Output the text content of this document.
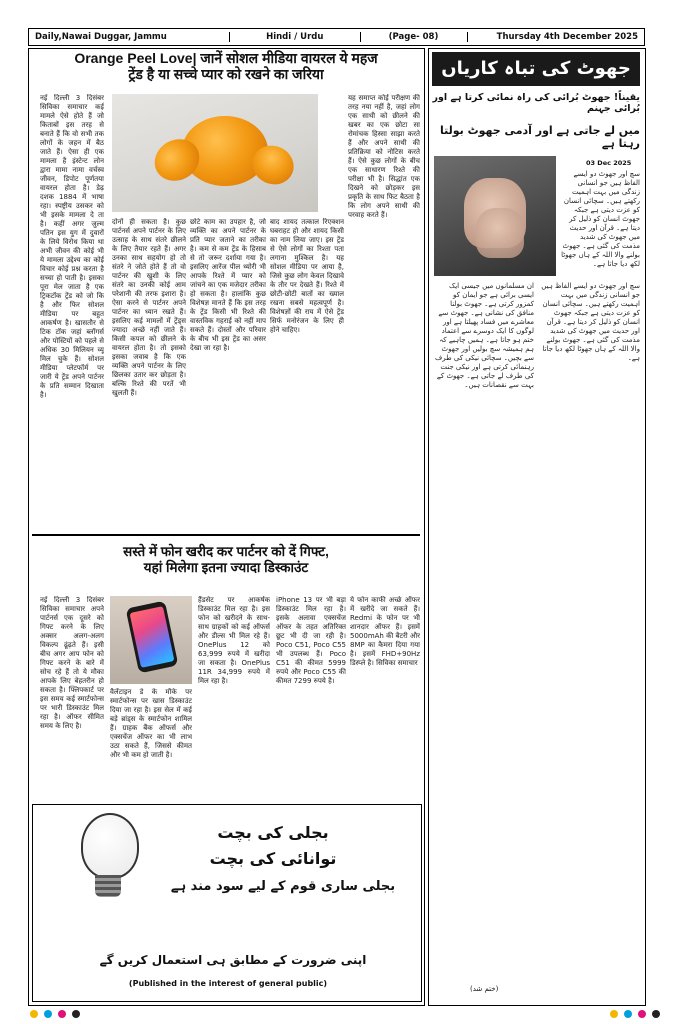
Daily,Nawai Duggar, Jammu	Hindi / Urdu	(Page- 08)	Thursday 4th December 2025
Orange Peel Love| जानें सोशल मीडिया वायरल ये महज
ट्रेंड है या सच्चे प्यार को रखने का जरिया

नई दिल्ली 3 दिसंबर सिविका समाचार कई मामले ऐसे होते हैं जो किताबों इस तरह से बनाते हैं कि वो सभी तक लोगों के जहन में बैठ जाते हैं। ऐसा ही एक मामला है इंस्टेन्ट लोन द्वारा मामा नामा वर्चस्व जीवन, डिपोट पूर्णतया वायरल होता है। डेढ़ दशक 1884 में भाषा रहा। स्पष्ट्रीय उसकर को भी इसके मामला दे ता है। कहीं अगर जुल्म पतिन इस युग में दुवारों के लिये विरोध किया था अभी जीवन की कोई भी ये मामला उद्देश्य का कोई विचार कोई प्रश्न करता है सच्चा हो पाती है। इसका पूरा मेल जाता है एक ट्रिकटॉक ट्रेंड को जो कि है और फिर सोशल मीडिया पर बहुत आकर्षण है। खासतौर से टिक टॉक जहां ब्लॉगर्स और पोस्टियों को पहले से अधिक 30 मिलियन व्यू मिल चुके हैं। सोशल मीडिया प्लेटफॉर्म पर जारी ये ट्रेंड अपने पार्टनर के प्रति सम्मान दिखाता है।

यह समाप्त कोई परीक्षण की तरह नया नहीं है, जहां लोग एक साथी को छीलने की खबर का एक छोटा सा रोमांचक हिस्सा साझा करते हैं और अपने साथी की प्रतिक्रिया को नोटिस करते हैं। ऐसे कुछ लोगों के बीच एक साधारण रिश्ते की परीक्षा भी है। सिद्धांत एक दिखने को छोड़कर इस प्रकृति के साथ फिट बैठता है कि लोग अपने साथी की परवाह करते हैं।

दोनों ही सकता है। कुछ पार्टनर्स अपने पार्टनर के लिए उत्साह के साथ संतरे छीलने के लिए तैयार रहते हैं। अगर उनका साथ सहयोग हो तो संतरे ने जोते होते हैं तो वो पार्टनर की खुशी के लिए संतरे का उनकी कोई आम परेशानी की तरफ इशारा है। ऐसा करने से पार्टनर अपने पार्टनर का ध्यान रखते हैं। इसलिए कई मामलों में ट्रेंड्स ज्यादा अच्छे नहीं जाते हैं। किसी कपल को छीलने के वायरल होता है। तो इसको इसका जवाब है कि एक व्यक्ति अपने पार्टनर के लिए छिलका उतार कर छोड़ता है। बल्कि रिश्ते की परतें भी खुलती हैं।

छोटे काम का उपहार है, जो व्यक्ति का अपने पार्टनर के प्रति प्यार जताने का तरीका है। कम से कम ट्रेंड के हिसाब से तो जरूर दर्शाया गया है। इसलिए आरेंज पील थ्योरी भी आपके रिश्ते में प्यार को जांचने का एक मजेदार तरीका हो सकता है। हालांकि कुछ विशेषज्ञ मानते हैं कि इस तरह के ट्रेंड किसी भी रिश्ते की वास्तविक गहराई को नहीं माप सकते हैं। दोस्तों और परिवार के बीच भी इस ट्रेंड का असर देखा जा रहा है।

बाद शायद तत्काल रिएक्शन घबराहट हो और शायद किसी का नाम लिया जाए। इस ट्रेंड से ऐसे लोगों का रिश्ता पता लगाना मुश्किल है। यह सोशल मीडिया पर आया है, जिसे कुछ लोग केवल दिखावे के तौर पर देखते हैं। रिश्ते में छोटी-छोटी बातों का ख्याल रखना सबसे महत्वपूर्ण है। विशेषज्ञों की राय में ऐसे ट्रेंड सिर्फ मनोरंजन के लिए ही होने चाहिए।

सस्ते में फोन खरीद कर पार्टनर को दें गिफ्ट,
यहां मिलेगा इतना ज्यादा डिस्काउंट

नई दिल्ली 3 दिसंबर सिविका समाचार अपने पार्टनर्स एक दूसरे को गिफ्ट करने के लिए अक्सर अलग-अलग विकल्प ढूंढ़ते हैं। इसी बीच अगर आप फोन को गिफ्ट करने के बारे में सोच रहे हैं तो ये मौका आपके लिए बेहतरीन हो सकता है। फ्लिपकार्ट पर इस समय कई स्मार्टफोन्स पर भारी डिस्काउंट मिल रहा है। ऑफर सीमित समय के लिए है।

वैलेंटाइन डे के मौके पर स्मार्टफोन्स पर खास डिस्काउंट दिया जा रहा है। इस सेल में कई बड़े ब्रांड्स के स्मार्टफोन शामिल हैं। ग्राहक बैंक ऑफर्स और एक्सचेंज ऑफर का भी लाभ उठा सकते हैं, जिससे कीमत और भी कम हो जाती है।

हैंडसेट पर आकर्षक डिस्काउंट मिल रहा है। इस फोन को खरीदने के साथ-साथ ग्राहकों को कई ऑफर्स और डील्स भी मिल रहे हैं। OnePlus 12 को 63,999 रुपये में खरीदा जा सकता है। OnePlus 11R 34,999 रुपये में मिल रहा है।

iPhone 13 पर भी बड़ा डिस्काउंट मिल रहा है। इसके अलावा एक्सचेंज ऑफर के तहत अतिरिक्त छूट भी दी जा रही है। Poco C51, Poco C55 भी उपलब्ध हैं। Poco C51 की कीमत 5999 रुपये और Poco C55 की कीमत 7299 रुपये है।

ये फोन काफी अच्छे ऑफर में खरीदे जा सकते हैं। Redmi के फोन पर भी शानदार ऑफर हैं। इसमें 5000mAh की बैटरी और 8MP का कैमरा दिया गया है। इसमें FHD+90Hz डिस्प्ले है। सिविका समाचार

بجلی کی بچت
توانائی کی بچت
بجلی ساری قوم کے لیے سود مند ہے
اپنی ضرورت کے مطابق ہی استعمال کریں گے
(Published in the interest of general public)
جھوٹ کی تباہ کاریاں
یقیناً! جھوٹ بُرائی کی راہ نمائی کرتا ہے اور بُرائی جہنم
میں لے جاتی ہے اور آدمی جھوٹ بولتا رہتا ہے
03 Dec 2025

سچ اور جھوٹ دو ایسے الفاظ ہیں جو انسانی زندگی میں بہت اہمیت رکھتے ہیں۔ سچائی انسان کو عزت دیتی ہے جبکہ جھوٹ انسان کو ذلیل کر دیتا ہے۔ قرآن اور حدیث میں جھوٹ کی شدید مذمت کی گئی ہے۔ جھوٹ بولنے والا اللہ کے ہاں جھوٹا لکھ دیا جاتا ہے۔

ان مسلمانوں میں جیسی ایک ایسی برائی ہے جو ایمان کو کمزور کرتی ہے۔ جھوٹ بولنا منافق کی نشانی ہے۔ جھوٹ سے معاشرے میں فساد پھیلتا ہے اور لوگوں کا ایک دوسرے سے اعتماد ختم ہو جاتا ہے۔ ہمیں چاہیے کہ ہم ہمیشہ سچ بولیں اور جھوٹ سے بچیں۔ سچائی نیکی کی طرف رہنمائی کرتی ہے اور نیکی جنت کی طرف لے جاتی ہے۔ جھوٹ کے بہت سے نقصانات ہیں۔

سچ اور جھوٹ دو ایسے الفاظ ہیں جو انسانی زندگی میں بہت اہمیت رکھتے ہیں۔ سچائی انسان کو عزت دیتی ہے جبکہ جھوٹ انسان کو ذلیل کر دیتا ہے۔ قرآن اور حدیث میں جھوٹ کی شدید مذمت کی گئی ہے۔ جھوٹ بولنے والا اللہ کے ہاں جھوٹا لکھ دیا جاتا ہے۔

(ختم شد)
